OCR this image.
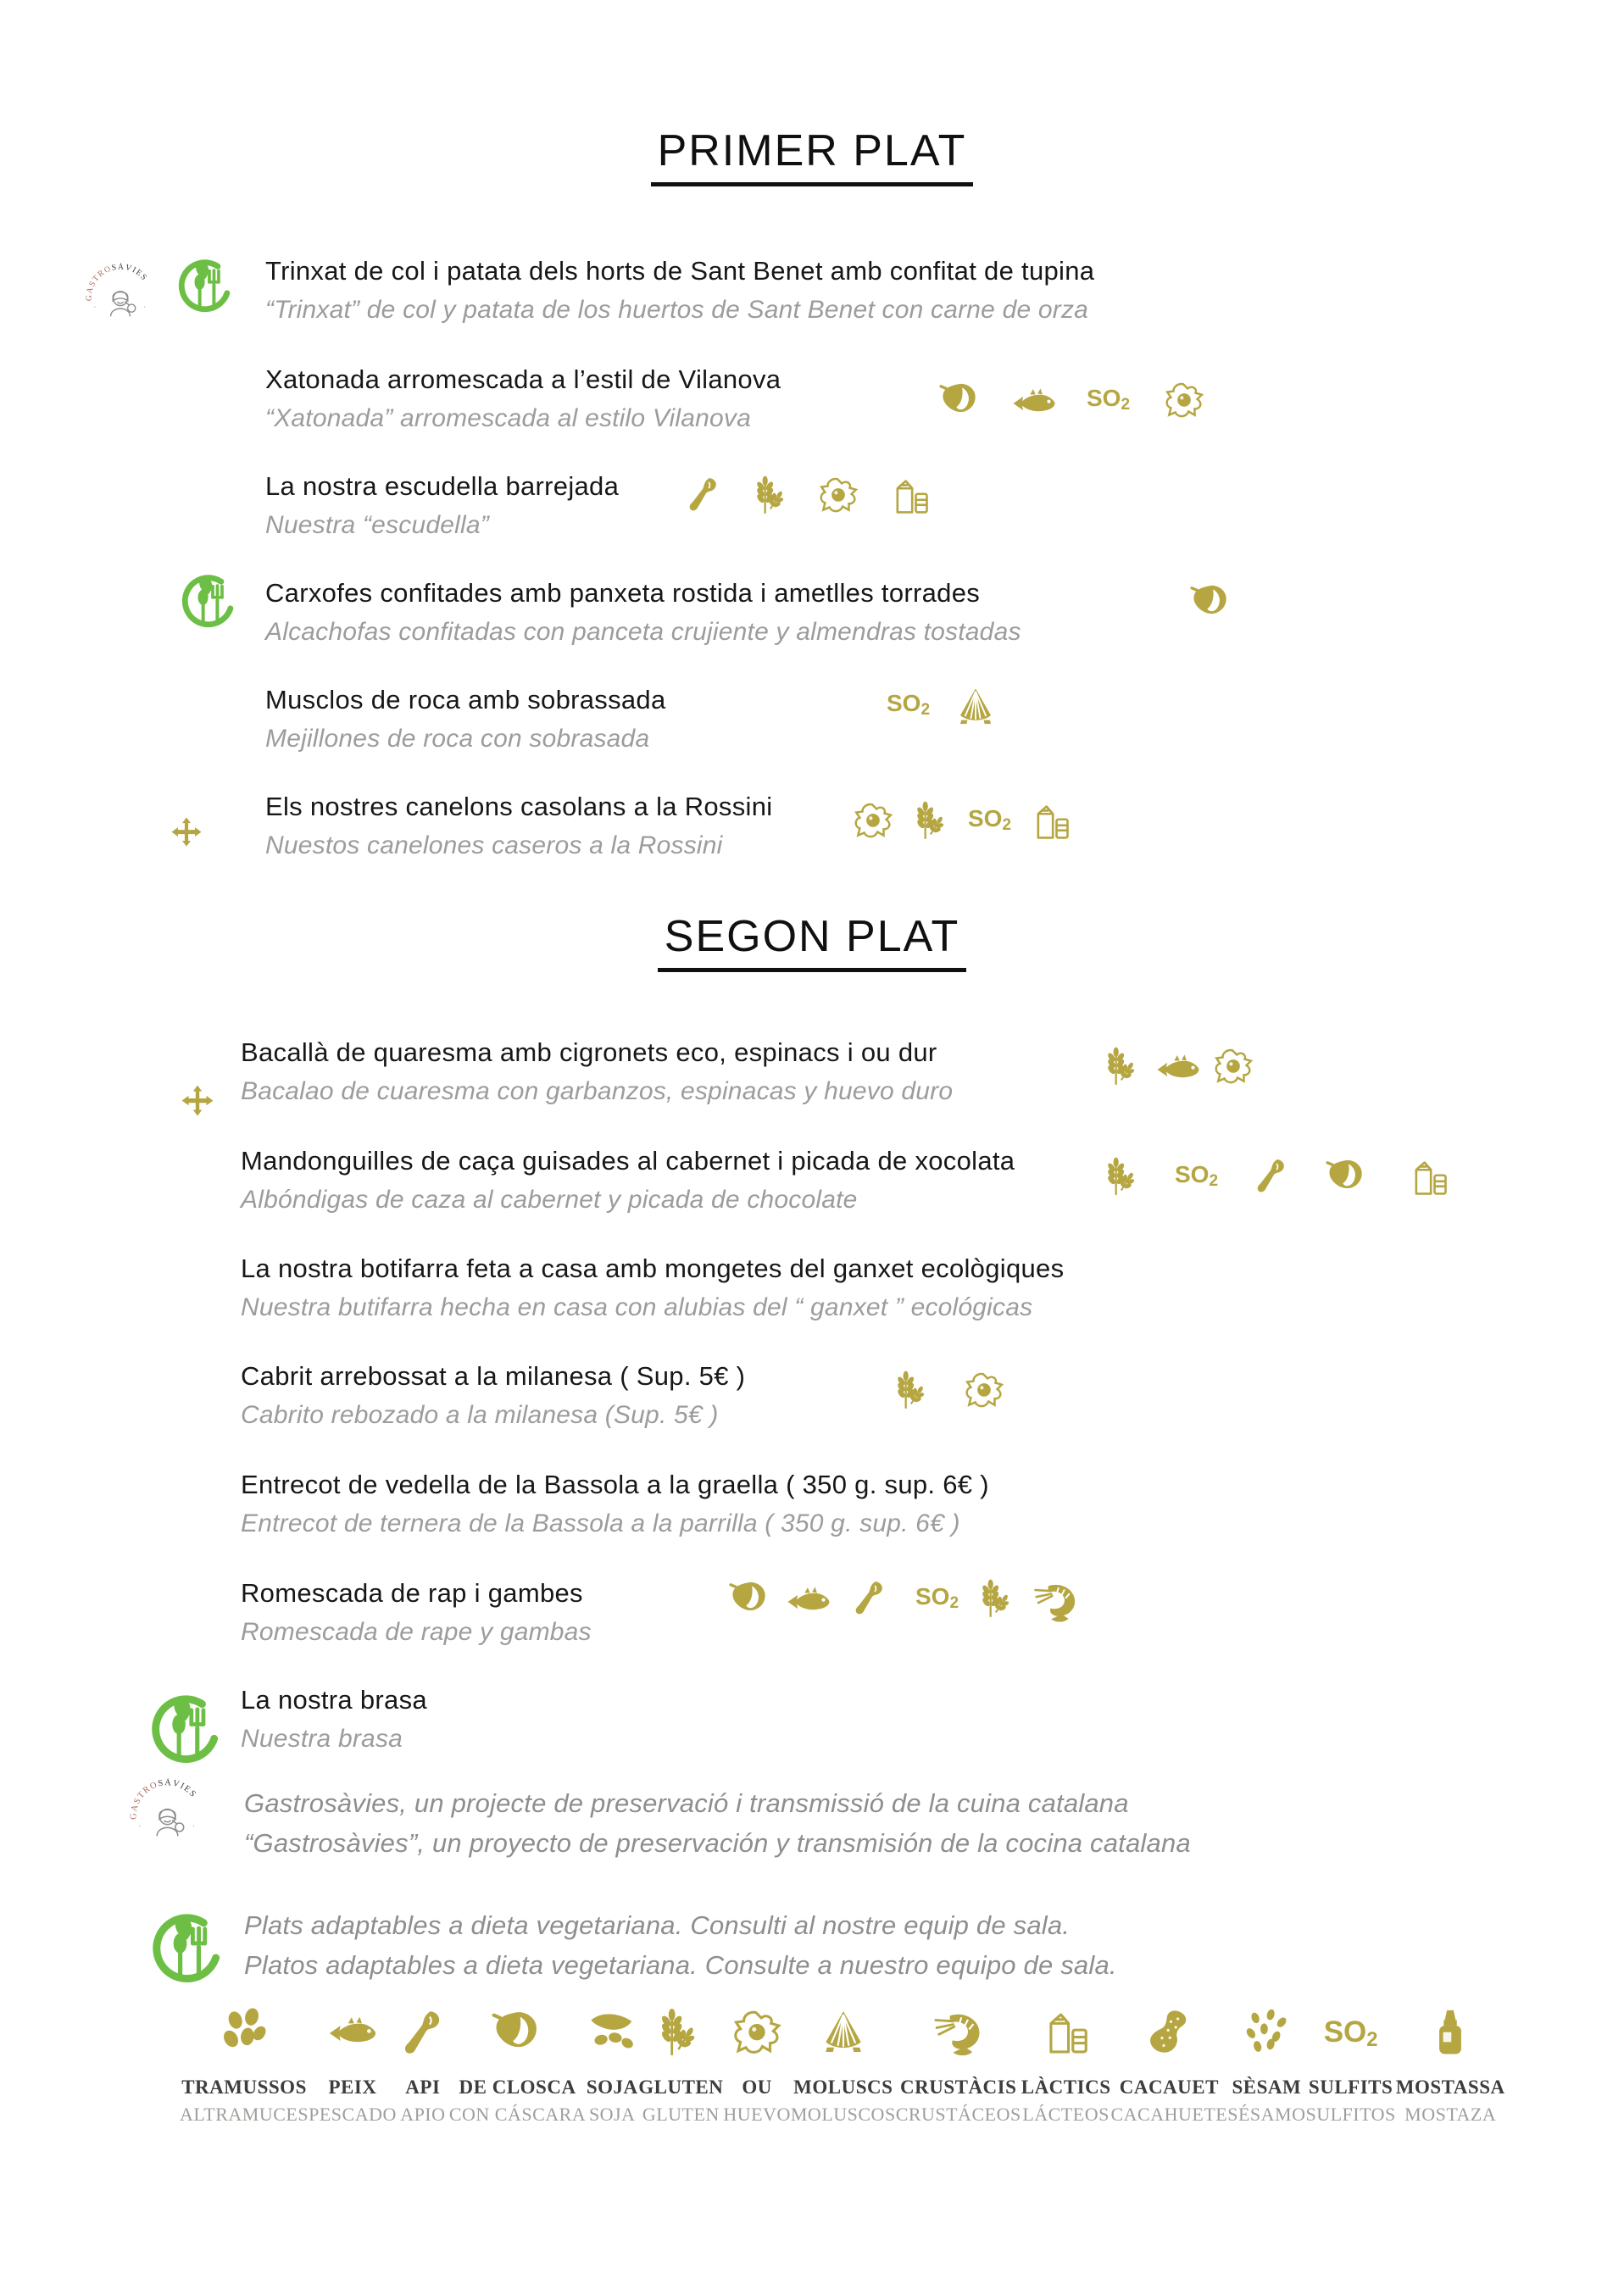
PRIMER PLAT
Trinxat de col i patata dels horts de Sant Benet amb confitat de tupina
“Trinxat” de col y patata de los huertos de Sant Benet con carne de orza
Xatonada arromescada a l’estil de Vilanova
“Xatonada” arromescada al estilo Vilanova
La nostra escudella barrejada
Nuestra “escudella”
Carxofes confitades amb panxeta rostida i ametlles torrades
Alcachofas confitadas con panceta crujiente y almendras tostadas
Musclos de roca amb sobrassada
Mejillones de roca con sobrasada
Els nostres canelons casolans a la Rossini
Nuestos canelones caseros a la Rossini
SEGON PLAT
Bacallà de quaresma amb cigronets eco, espinacs i ou dur
Bacalao de cuaresma con garbanzos, espinacas y huevo duro
Mandonguilles de caça guisades al cabernet i picada de xocolata
Albóndigas de caza al cabernet y picada de chocolate
La nostra botifarra feta a casa amb mongetes del ganxet ecològiques
Nuestra butifarra hecha en casa con alubias del “ ganxet ” ecológicas
Cabrit arrebossat a la milanesa ( Sup. 5€ )
Cabrito rebozado a la milanesa (Sup. 5€ )
Entrecot de vedella de la Bassola a la graella ( 350 g. sup. 6€ )
Entrecot de ternera de la Bassola a la parrilla ( 350 g. sup. 6€ )
Romescada de rap i gambes
Romescada de rape y gambas
La nostra brasa
Nuestra brasa
GASTROSÀVIES
·	·
$SO_2$
$SO_2$
$SO_2$
$SO_2$
$SO_2$
GASTROSÀVIES
·	·
Gastrosàvies, un projecte de preservació i transmissió de la cuina catalana
“Gastrosàvies”, un proyecto de preservación y transmisión de la cocina catalana
Plats adaptables a dieta vegetariana. Consulti al nostre equip de sala.
Platos adaptables a dieta vegetariana. Consulte a nuestro equipo de sala.
TRAMUSSOS
ALTRAMUCES
PEIX
PESCADO
API
APIO
DE CLOSCA
CON CÁSCARA
SOJA
SOJA
GLUTEN
GLUTEN
OU
HUEVO
MOLUSCS
MOLUSCOS
CRUSTÀCIS
CRUSTÁCEOS
LÀCTICS
LÁCTEOS
CACAUET
CACAHUETE
SÈSAM
SÉSAMO
$SO_2$
SULFITS
SULFITOS
MOSTASSA
MOSTAZA
